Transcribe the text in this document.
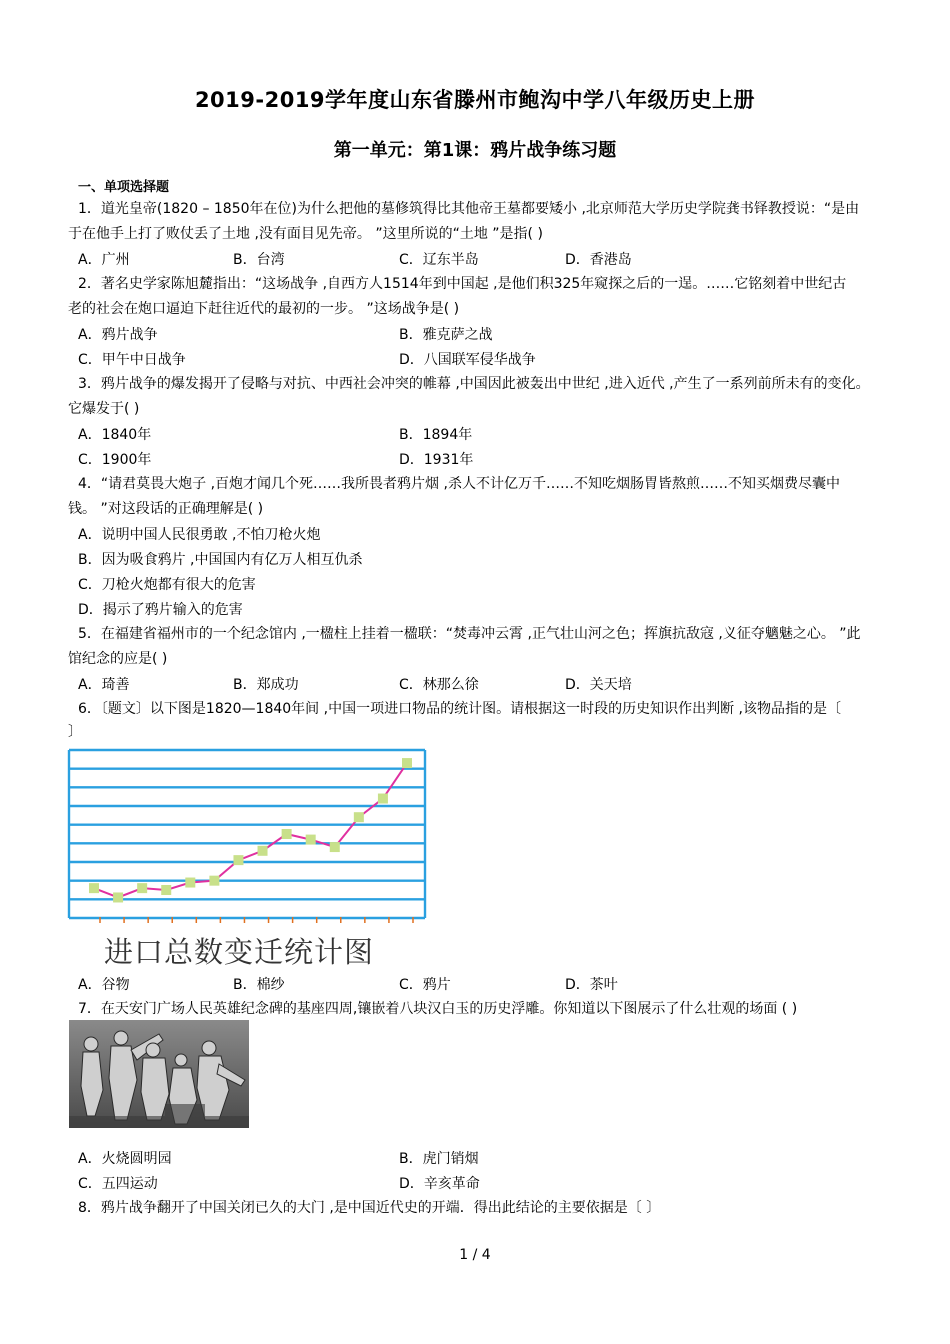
2019-2019学年度山东省滕州市鲍沟中学八年级历史上册
第一单元：第1课：鸦片战争练习题
一、单项选择题
1．道光皇帝(1820 – 1850年在位)为什么把他的墓修筑得比其他帝王墓都要矮小 ,北京师范大学历史学院龚书铎教授说：“是由
于在他手上打了败仗丢了土地 ,没有面目见先帝。 ”这里所说的“土地 ”是指( )
A．广州	B．台湾	C．辽东半岛	D．香港岛
2．著名史学家陈旭麓指出：“这场战争 ,自西方人1514年到中国起 ,是他们积325年窥探之后的一逞。……它铭刻着中世纪古
老的社会在炮口逼迫下赶往近代的最初的一步。 ”这场战争是( )
A．鸦片战争	B．雅克萨之战
C．甲午中日战争	D．八国联军侵华战争
3．鸦片战争的爆发揭开了侵略与对抗、中西社会冲突的帷幕 ,中国因此被轰出中世纪 ,进入近代 ,产生了一系列前所未有的变化。
它爆发于( )
A．1840年	B．1894年
C．1900年	D．1931年
4．“请君莫畏大炮子 ,百炮才闻几个死……我所畏者鸦片烟 ,杀人不计亿万千……不知吃烟肠胃皆熬煎……不知买烟费尽囊中
钱。 ”对这段话的正确理解是( )
A．说明中国人民很勇敢 ,不怕刀枪火炮
B．因为吸食鸦片 ,中国国内有亿万人相互仇杀
C．刀枪火炮都有很大的危害
D．揭示了鸦片输入的危害
5．在福建省福州市的一个纪念馆内 ,一楹柱上挂着一楹联：“焚毒冲云霄 ,正气壮山河之色；挥旗抗敌寇 ,义征夺魑魅之心。 ”此
馆纪念的应是( )
A．琦善	B．郑成功	C．林那么徐	D．关天培
6．〔题文〕以下图是1820—1840年间 ,中国一项进口物品的统计图。请根据这一时段的历史知识作出判断 ,该物品指的是〔
〕
进口总数变迁统计图
A．谷物	B．棉纱	C．鸦片	D．茶叶
7．在天安门广场人民英雄纪念碑的基座四周,镶嵌着八块汉白玉的历史浮雕。你知道以下图展示了什么壮观的场面 ( )
A．火烧圆明园	B．虎门销烟
C．五四运动	D．辛亥革命
8．鸦片战争翻开了中国关闭已久的大门 ,是中国近代史的开端．得出此结论的主要依据是〔 〕
1 / 4
